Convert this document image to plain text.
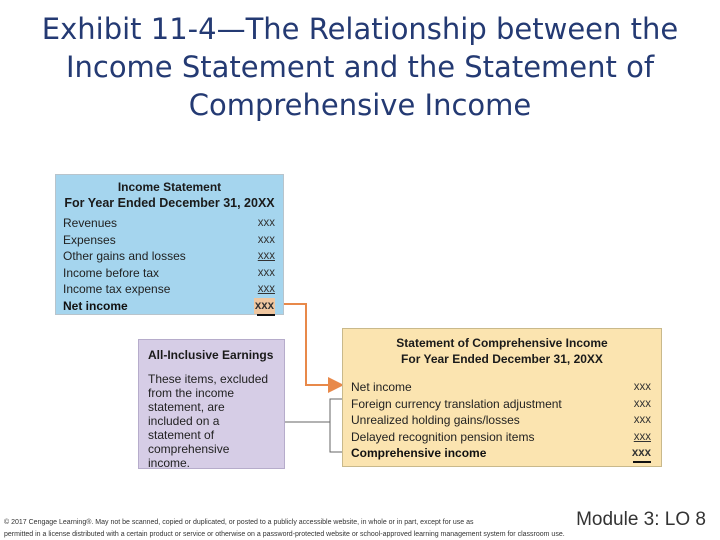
Exhibit 11-4—The Relationship between the
Income Statement and the Statement of
Comprehensive Income
Income Statement
For Year Ended December 31, 20XX
Revenues	xxx
Expenses	xxx
Other gains and losses	xxx
Income before tax	xxx
Income tax expense	xxx
Net income	xxx
All-Inclusive Earnings
These items, excluded
from the income
statement, are
included on a
statement of
comprehensive
income.
Statement of Comprehensive Income
For Year Ended December 31, 20XX
Net income	xxx
Foreign currency translation adjustment	xxx
Unrealized holding gains/losses	xxx
Delayed recognition pension items	xxx
Comprehensive income	xxx
© 2017 Cengage Learning®. May not be scanned, copied or duplicated, or posted to a publicly accessible website, in whole or in part, except for use as
permitted in a license distributed with a certain product or service or otherwise on a password-protected website or school-approved learning management system for classroom use.
Module 3: LO 8
